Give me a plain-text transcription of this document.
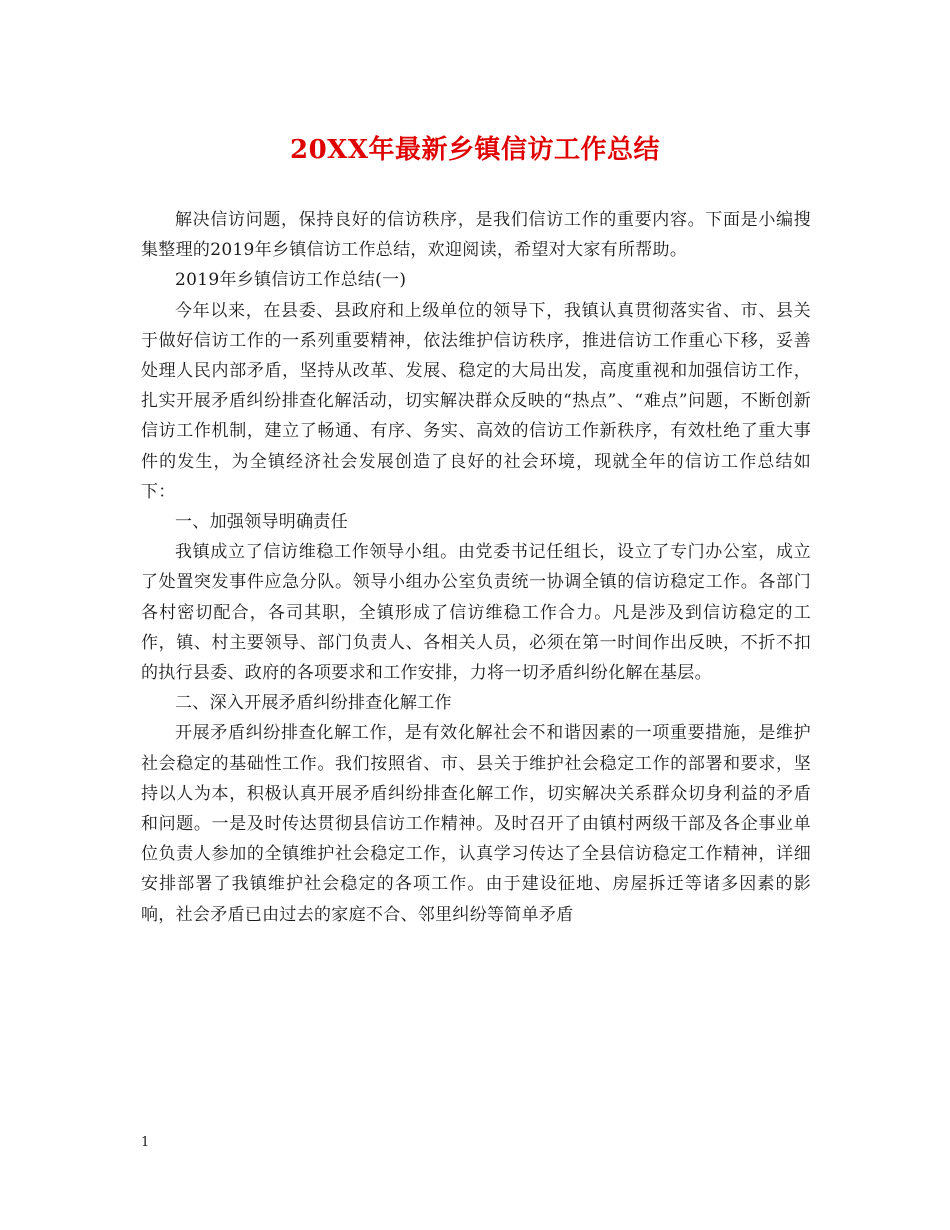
20XX年最新乡镇信访工作总结

解决信访问题，保持良好的信访秩序，是我们信访工作的重要内容。下面是小编搜集整理的2019年乡镇信访工作总结，欢迎阅读，希望对大家有所帮助。

2019年乡镇信访工作总结(一)

今年以来，在县委、县政府和上级单位的领导下，我镇认真贯彻落实省、市、县关于做好信访工作的一系列重要精神，依法维护信访秩序，推进信访工作重心下移，妥善处理人民内部矛盾，坚持从改革、发展、稳定的大局出发，高度重视和加强信访工作，扎实开展矛盾纠纷排查化解活动，切实解决群众反映的“热点”、“难点”问题，不断创新信访工作机制，建立了畅通、有序、务实、高效的信访工作新秩序，有效杜绝了重大事件的发生，为全镇经济社会发展创造了良好的社会环境，现就全年的信访工作总结如下：

一、加强领导明确责任

我镇成立了信访维稳工作领导小组。由党委书记任组长，设立了专门办公室，成立了处置突发事件应急分队。领导小组办公室负责统一协调全镇的信访稳定工作。各部门各村密切配合，各司其职，全镇形成了信访维稳工作合力。凡是涉及到信访稳定的工作，镇、村主要领导、部门负责人、各相关人员，必须在第一时间作出反映，不折不扣的执行县委、政府的各项要求和工作安排，力将一切矛盾纠纷化解在基层。

二、深入开展矛盾纠纷排查化解工作

开展矛盾纠纷排查化解工作，是有效化解社会不和谐因素的一项重要措施，是维护社会稳定的基础性工作。我们按照省、市、县关于维护社会稳定工作的部署和要求，坚持以人为本，积极认真开展矛盾纠纷排查化解工作，切实解决关系群众切身利益的矛盾和问题。一是及时传达贯彻县信访工作精神。及时召开了由镇村两级干部及各企事业单位负责人参加的全镇维护社会稳定工作，认真学习传达了全县信访稳定工作精神，详细安排部署了我镇维护社会稳定的各项工作。由于建设征地、房屋拆迁等诸多因素的影响，社会矛盾已由过去的家庭不合、邻里纠纷等简单矛盾

1
